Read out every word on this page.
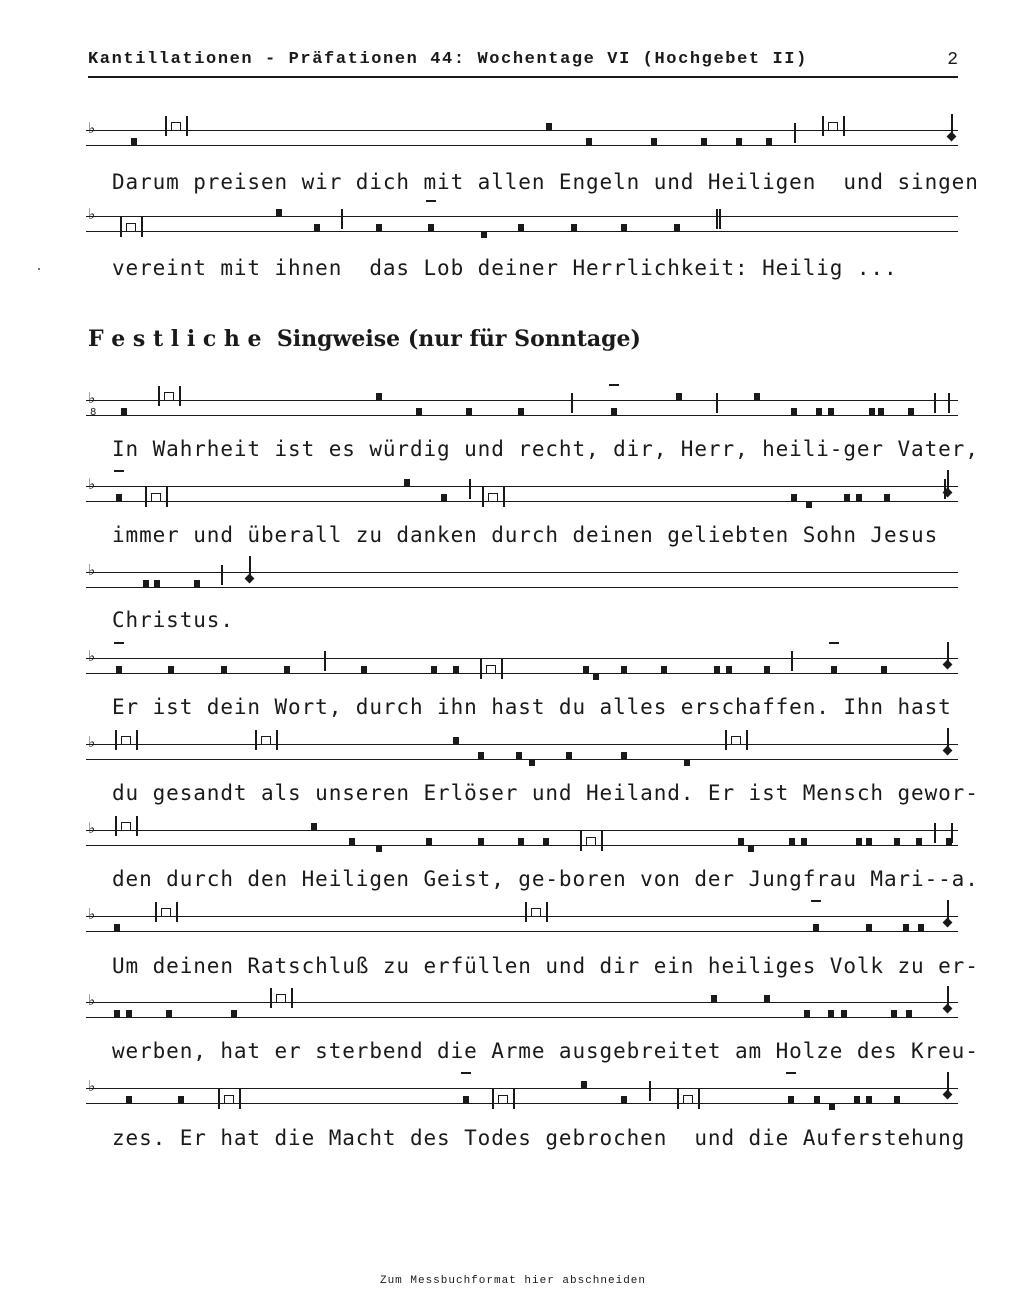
Kantillationen - Präfationen 44: Wochentage VI (Hochgebet II)	2
♭
Darum preisen wir dich mit allen Engeln und Heiligen  und singen
♭
vereint mit ihnen  das Lob deiner Herrlichkeit: Heilig ...
F e s t l i c h e  Singweise (nur für Sonntage)
♭
8
In Wahrheit ist es würdig und recht, dir, Herr, heili-ger Vater,
♭
immer und überall zu danken durch deinen geliebten Sohn Jesus
♭
Christus.
♭
Er ist dein Wort, durch ihn hast du alles erschaffen. Ihn hast
♭
du gesandt als unseren Erlöser und Heiland. Er ist Mensch gewor-
♭
den durch den Heiligen Geist, ge-boren von der Jungfrau Mari--a.
♭
Um deinen Ratschluß zu erfüllen und dir ein heiliges Volk zu er-
♭
werben, hat er sterbend die Arme ausgebreitet am Holze des Kreu-
♭
zes. Er hat die Macht des Todes gebrochen  und die Auferstehung
Zum Messbuchformat hier abschneiden
